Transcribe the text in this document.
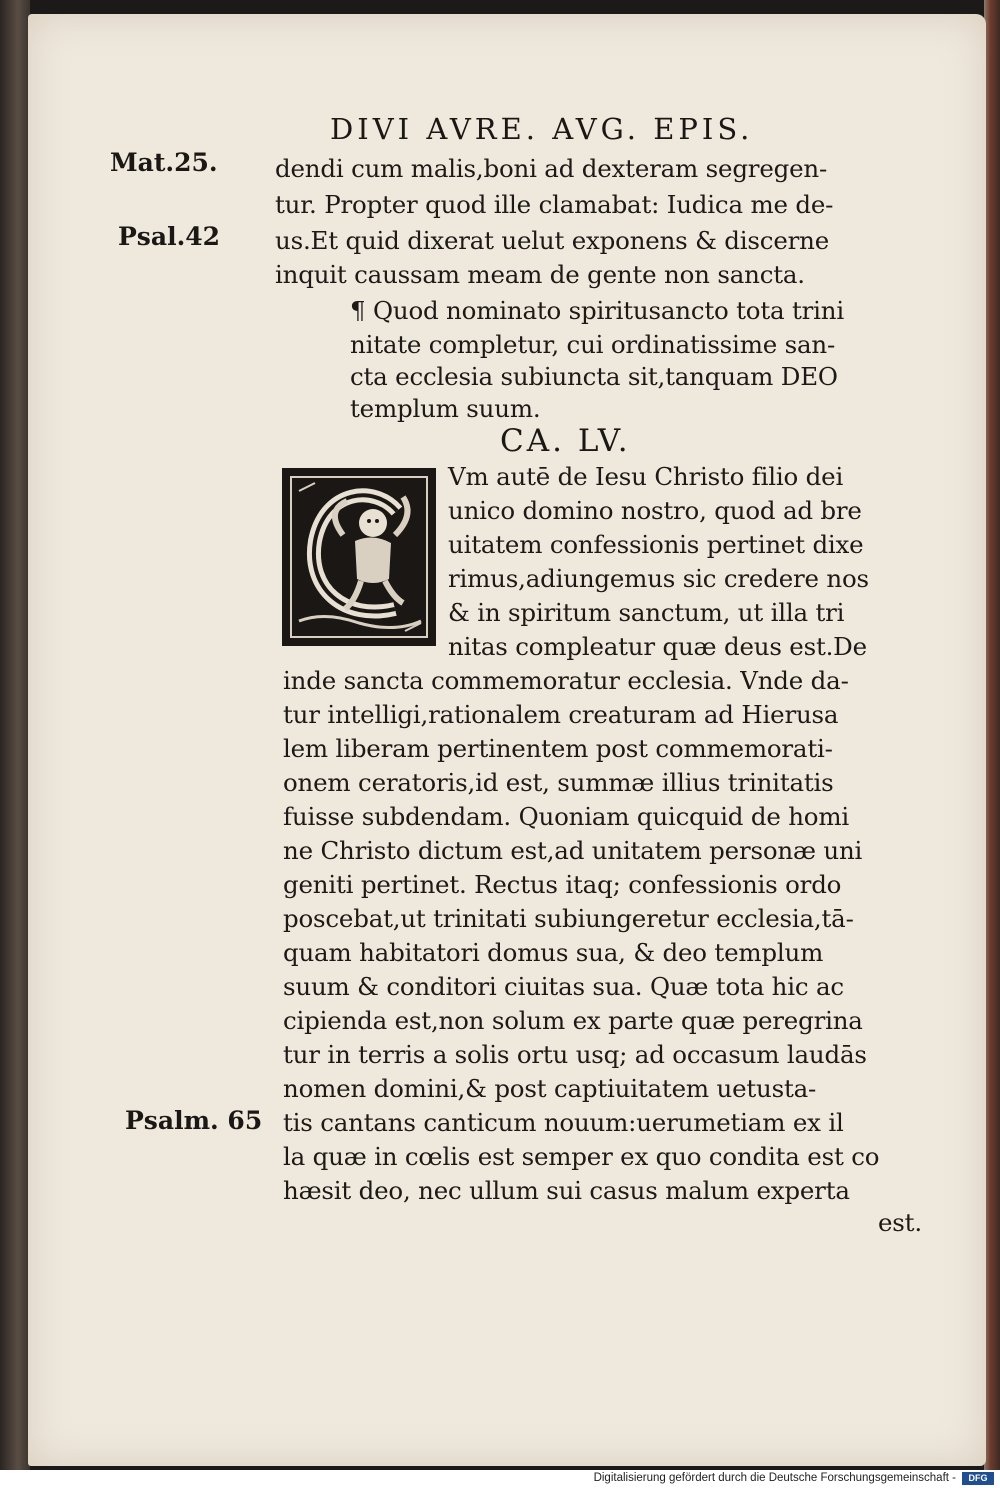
DIVI AVRE. AVG. EPIS.
Mat.25.
Psal.42
Psalm. 65
dendi cum malis,boni ad dexteram segregen-
tur. Propter quod ille clamabat: Iudica me de-
us.Et quid dixerat uelut exponens & discerne
inquit caussam meam de gente non sancta.
¶ Quod nominato spiritusancto tota trini
nitate completur, cui ordinatissime san-
cta ecclesia subiuncta sit,tanquam DEO
templum suum.
CA. LV.
Vm autē de Iesu Christo filio dei
unico domino nostro, quod ad bre
uitatem confessionis pertinet dixe
rimus,adiungemus sic credere nos
& in spiritum sanctum, ut illa tri
nitas compleatur quæ deus est.De
inde sancta commemoratur ecclesia. Vnde da-
tur intelligi,rationalem creaturam ad Hierusa
lem liberam pertinentem post commemorati-
onem ceratoris,id est, summæ illius trinitatis
fuisse subdendam. Quoniam quicquid de homi
ne Christo dictum est,ad unitatem personæ uni
geniti pertinet. Rectus itaq; confessionis ordo
poscebat,ut trinitati subiungeretur ecclesia,tā-
quam habitatori domus sua, & deo templum
suum & conditori ciuitas sua. Quæ tota hic ac
cipienda est,non solum ex parte quæ peregrina
tur in terris a solis ortu usq; ad occasum laudās
nomen domini,& post captiuitatem uetusta-
tis cantans canticum nouum:uerumetiam ex il
la quæ in cœlis est semper ex quo condita est co
hæsit deo, nec ullum sui casus malum experta
est.
Digitalisierung gefördert durch die Deutsche Forschungsgemeinschaft -	DFG
